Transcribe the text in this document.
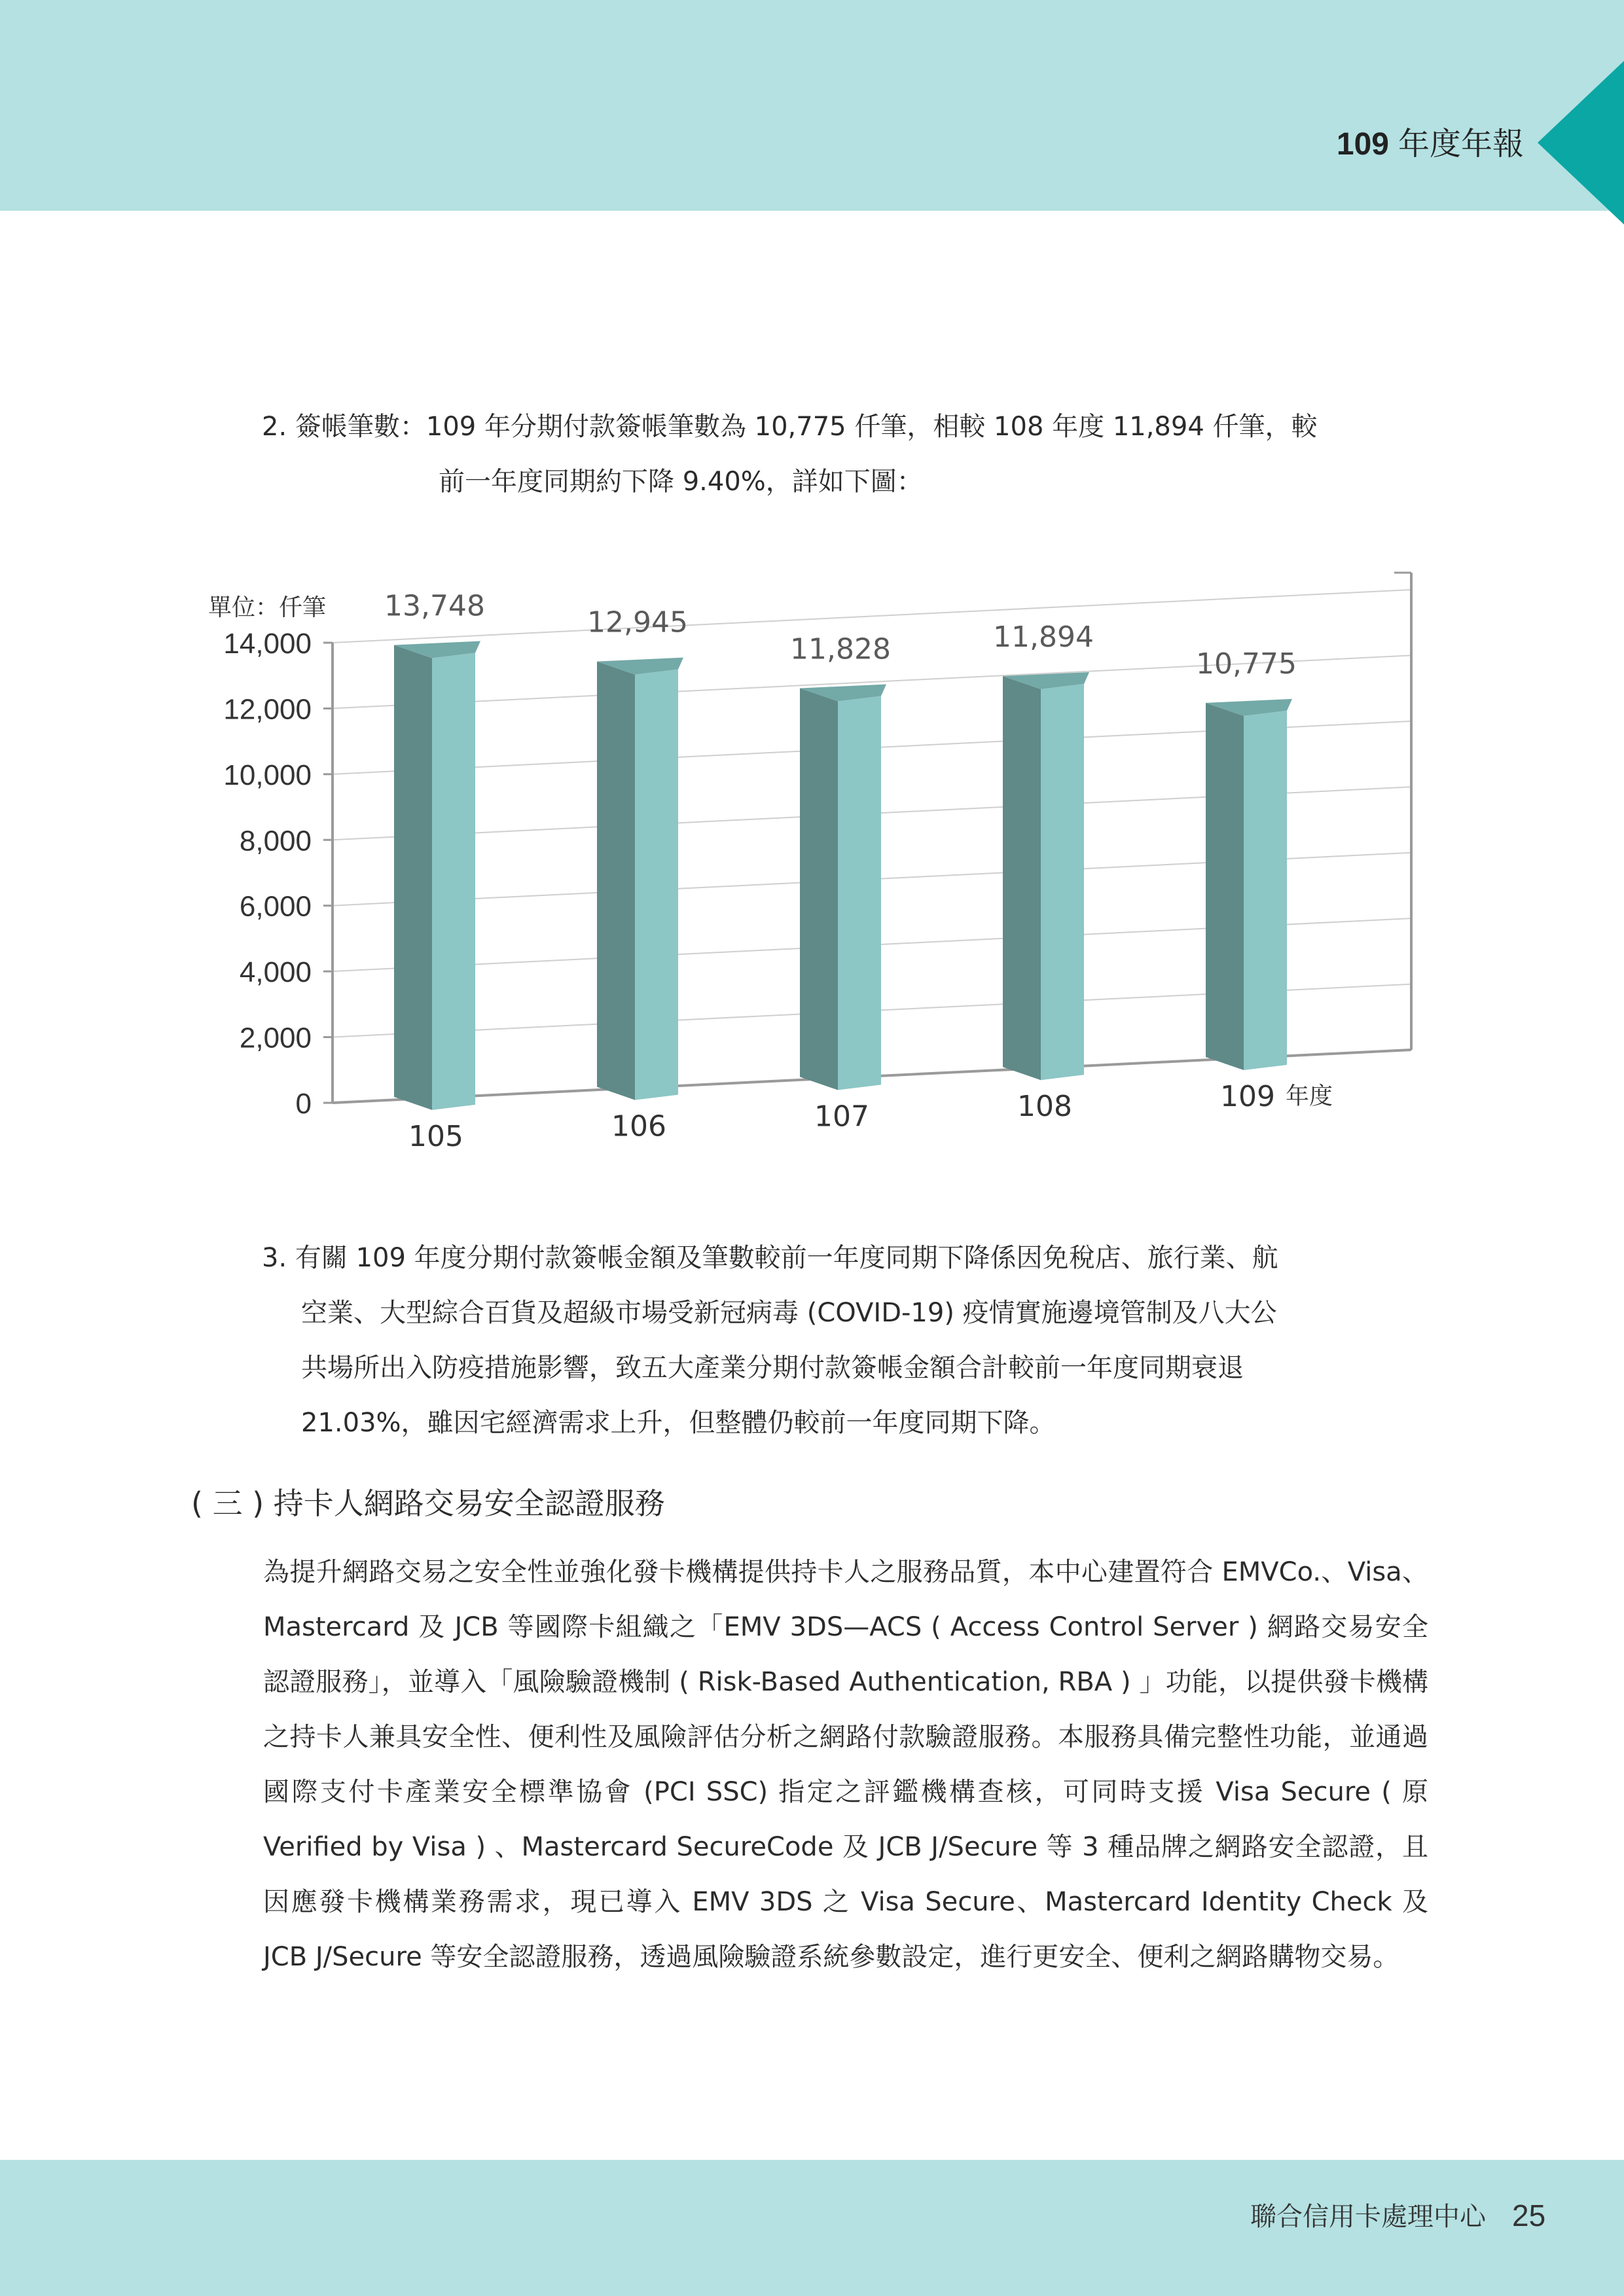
109 年度年報
2. 簽帳筆數：109 年分期付款簽帳筆數為 10,775 仟筆，相較 108 年度 11,894 仟筆，較
前一年度同期約下降 9.40%，詳如下圖：
0
2,000
4,000
6,000
8,000
10,000
12,000
14,000
13,748
105
12,945
106
11,828
107
11,894
108
10,775
109 年度
單位：仟筆
3. 有關 109 年度分期付款簽帳金額及筆數較前一年度同期下降係因免稅店、旅行業、航
空業、大型綜合百貨及超級市場受新冠病毒 (COVID-19) 疫情實施邊境管制及八大公
共場所出入防疫措施影響，致五大產業分期付款簽帳金額合計較前一年度同期衰退
21.03%，雖因宅經濟需求上升，但整體仍較前一年度同期下降。
( 三 ) 持卡人網路交易安全認證服務
為提升網路交易之安全性並強化發卡機構提供持卡人之服務品質，本中心建置符合 EMVCo.、Visa、Mastercard 及 JCB 等國際卡組織之「EMV 3DS—ACS ( Access Control Server ) 網路交易安全認證服務」，並導入「風險驗證機制 ( Risk-Based Authentication, RBA ) 」功能，以提供發卡機構之持卡人兼具安全性、便利性及風險評估分析之網路付款驗證服務。本服務具備完整性功能，並通過國際支付卡產業安全標準協會 (PCI SSC) 指定之評鑑機構查核，可同時支援 Visa Secure ( 原 Verified by Visa ) 、Mastercard SecureCode 及 JCB J/Secure 等 3 種品牌之網路安全認證，且因應發卡機構業務需求，現已導入 EMV 3DS 之 Visa Secure、Mastercard Identity Check 及 JCB J/Secure 等安全認證服務，透過風險驗證系統參數設定，進行更安全、便利之網路購物交易。
聯合信用卡處理中心 25
